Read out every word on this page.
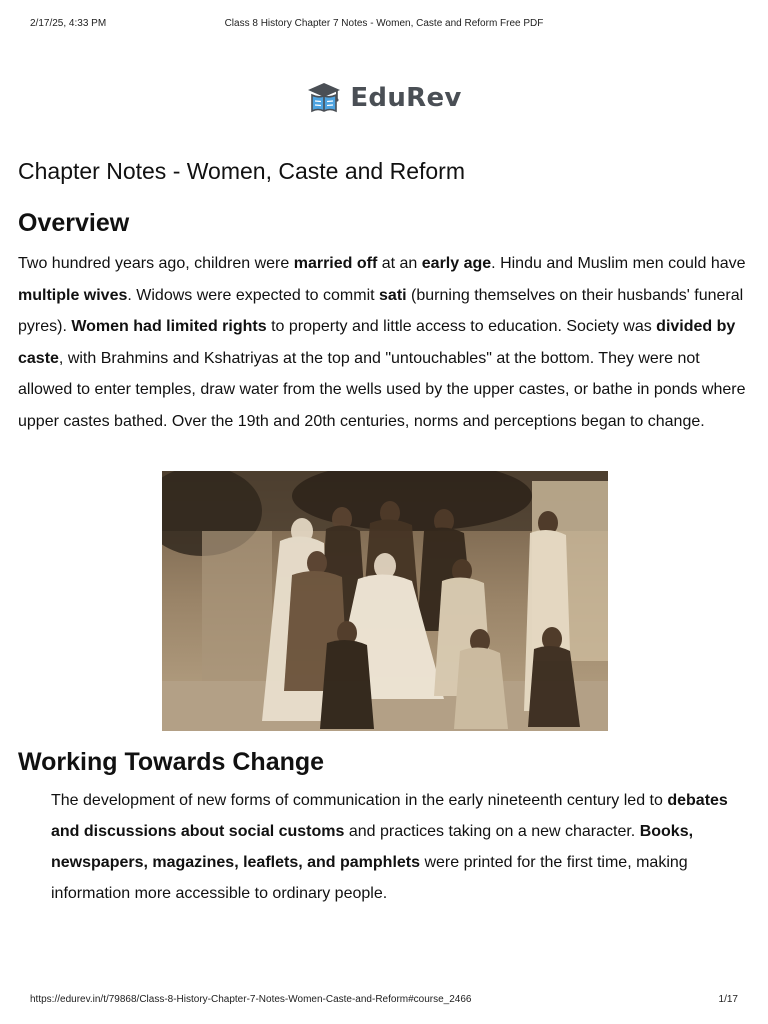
2/17/25, 4:33 PM	Class 8 History Chapter 7 Notes - Women, Caste and Reform Free PDF
EduRev
Chapter Notes - Women, Caste and Reform
Overview

Two hundred years ago, children were married off at an early age. Hindu and Muslim men could have multiple wives. Widows were expected to commit sati (burning themselves on their husbands' funeral pyres). Women had limited rights to property and little access to education. Society was divided by caste, with Brahmins and Kshatriyas at the top and "untouchables" at the bottom. They were not allowed to enter temples, draw water from the wells used by the upper castes, or bathe in ponds where upper castes bathed. Over the 19th and 20th centuries, norms and perceptions began to change.

Working Towards Change

The development of new forms of communication in the early nineteenth century led to debates and discussions about social customs and practices taking on a new character. Books, newspapers, magazines, leaflets, and pamphlets were printed for the first time, making information more accessible to ordinary people.

https://edurev.in/t/79868/Class-8-History-Chapter-7-Notes-Women-Caste-and-Reform#course_2466	1/17
